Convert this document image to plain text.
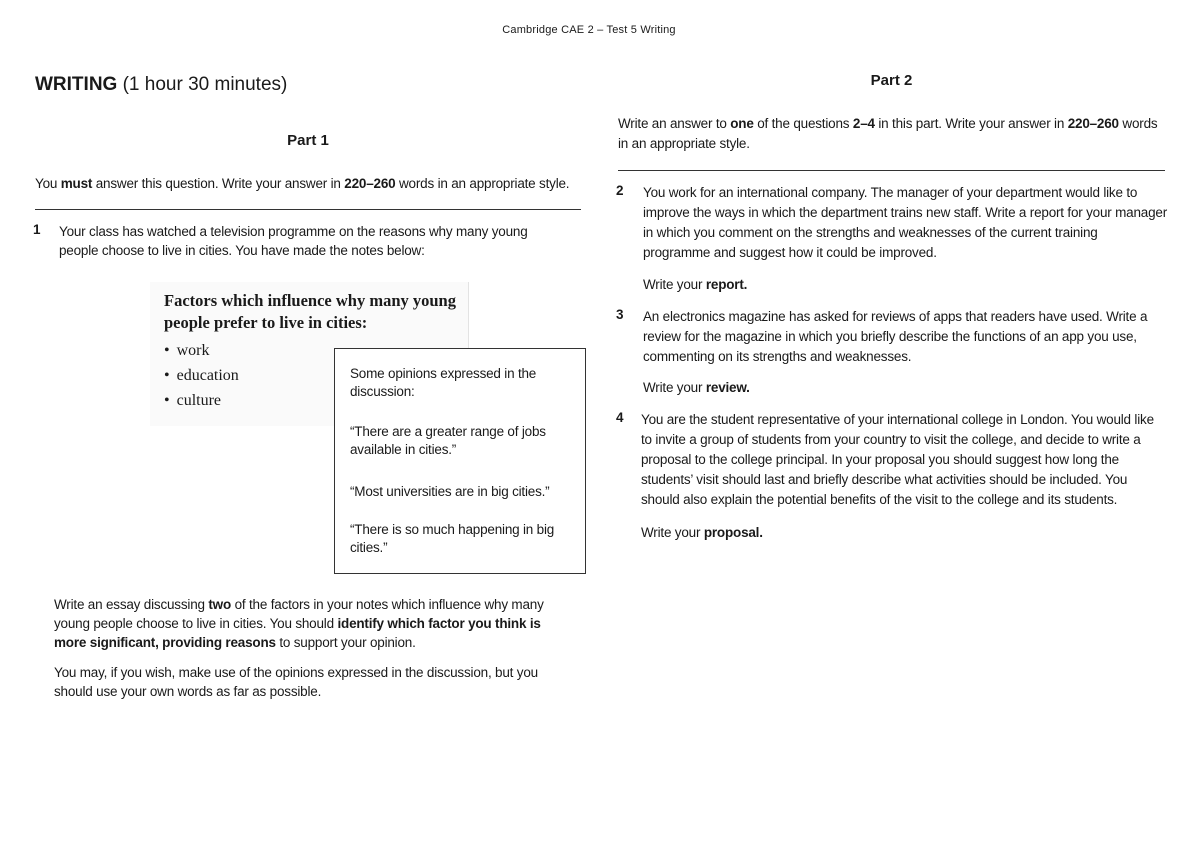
Cambridge CAE 2 – Test 5 Writing
WRITING (1 hour 30 minutes)
Part 1
You must answer this question. Write your answer in 220–260 words in an appropriate style.
1 Your class has watched a television programme on the reasons why many young people choose to live in cities. You have made the notes below:
Factors which influence why many young people prefer to live in cities:
• work
• education
• culture
Some opinions expressed in the discussion:
“There are a greater range of jobs available in cities.”
“Most universities are in big cities.”
“There is so much happening in big cities.”
Write an essay discussing two of the factors in your notes which influence why many young people choose to live in cities. You should identify which factor you think is more significant, providing reasons to support your opinion.
You may, if you wish, make use of the opinions expressed in the discussion, but you should use your own words as far as possible.
Part 2
Write an answer to one of the questions 2–4 in this part. Write your answer in 220–260 words in an appropriate style.
2 You work for an international company. The manager of your department would like to improve the ways in which the department trains new staff. Write a report for your manager in which you comment on the strengths and weaknesses of the current training programme and suggest how it could be improved.
Write your report.
3 An electronics magazine has asked for reviews of apps that readers have used. Write a review for the magazine in which you briefly describe the functions of an app you use, commenting on its strengths and weaknesses.
Write your review.
4 You are the student representative of your international college in London. You would like to invite a group of students from your country to visit the college, and decide to write a proposal to the college principal. In your proposal you should suggest how long the students’ visit should last and briefly describe what activities should be included. You should also explain the potential benefits of the visit to the college and its students.
Write your proposal.
